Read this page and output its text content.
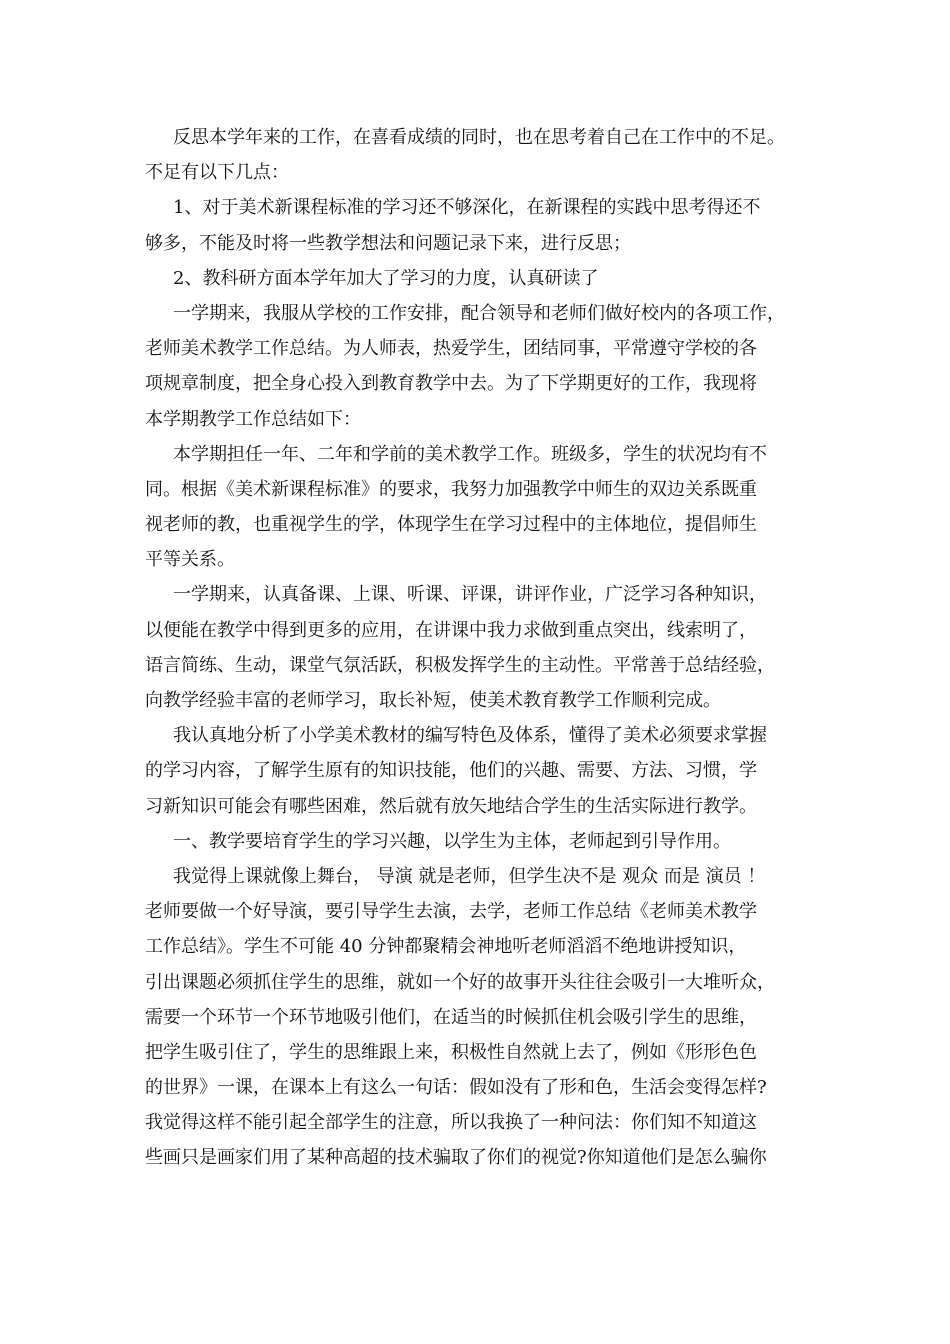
反思本学年来的工作，在喜看成绩的同时，也在思考着自己在工作中的不足。
不足有以下几点：
1、对于美术新课程标准的学习还不够深化，在新课程的实践中思考得还不
够多，不能及时将一些教学想法和问题记录下来，进行反思；
2、教科研方面本学年加大了学习的力度，认真研读了
一学期来，我服从学校的工作安排，配合领导和老师们做好校内的各项工作，
老师美术教学工作总结。为人师表，热爱学生，团结同事，平常遵守学校的各
项规章制度，把全身心投入到教育教学中去。为了下学期更好的工作，我现将
本学期教学工作总结如下：
本学期担任一年、二年和学前的美术教学工作。班级多，学生的状况均有不
同。根据《美术新课程标准》的要求，我努力加强教学中师生的双边关系既重
视老师的教，也重视学生的学，体现学生在学习过程中的主体地位，提倡师生
平等关系。
一学期来，认真备课、上课、听课、评课，讲评作业，广泛学习各种知识，
以便能在教学中得到更多的应用，在讲课中我力求做到重点突出，线索明了，
语言简练、生动，课堂气氛活跃，积极发挥学生的主动性。平常善于总结经验，
向教学经验丰富的老师学习，取长补短，使美术教育教学工作顺利完成。
我认真地分析了小学美术教材的编写特色及体系，懂得了美术必须要求掌握
的学习内容，了解学生原有的知识技能，他们的兴趣、需要、方法、习惯，学
习新知识可能会有哪些困难，然后就有放矢地结合学生的生活实际进行教学。
一、教学要培育学生的学习兴趣，以学生为主体，老师起到引导作用。
我觉得上课就像上舞台， 导演 就是老师，但学生决不是 观众 而是 演员 ！
老师要做一个好导演，要引导学生去演，去学，老师工作总结《老师美术教学
工作总结》。学生不可能 40 分钟都聚精会神地听老师滔滔不绝地讲授知识，
引出课题必须抓住学生的思维，就如一个好的故事开头往往会吸引一大堆听众，
需要一个环节一个环节地吸引他们，在适当的时候抓住机会吸引学生的思维，
把学生吸引住了，学生的思维跟上来，积极性自然就上去了，例如《形形色色
的世界》一课，在课本上有这么一句话：假如没有了形和色，生活会变得怎样?
我觉得这样不能引起全部学生的注意，所以我换了一种问法：你们知不知道这
些画只是画家们用了某种高超的技术骗取了你们的视觉?你知道他们是怎么骗你
